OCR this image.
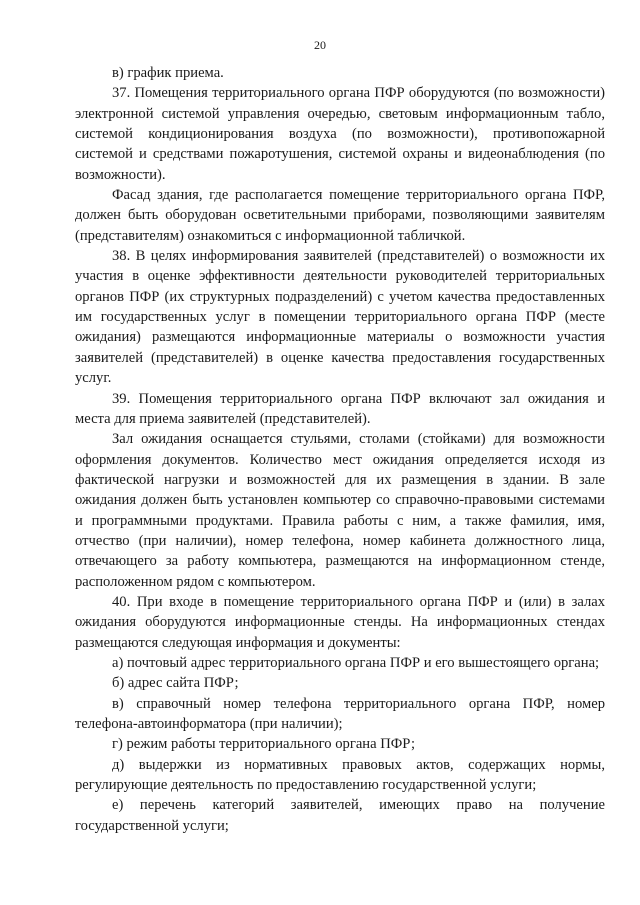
20

в) график приема.

37. Помещения территориального органа ПФР оборудуются (по возможности) электронной системой управления очередью, световым информационным табло, системой кондиционирования воздуха (по возможности), противопожарной системой и средствами пожаротушения, системой охраны и видеонаблюдения (по возможности).

Фасад здания, где располагается помещение территориального органа ПФР, должен быть оборудован осветительными приборами, позволяющими заявителям (представителям) ознакомиться с информационной табличкой.

38. В целях информирования заявителей (представителей) о возможности их участия в оценке эффективности деятельности руководителей территориальных органов ПФР (их структурных подразделений) с учетом качества предоставленных им государственных услуг в помещении территориального органа ПФР (месте ожидания) размещаются информационные материалы о возможности участия заявителей (представителей) в оценке качества предоставления государственных услуг.

39. Помещения территориального органа ПФР включают зал ожидания и места для приема заявителей (представителей).

Зал ожидания оснащается стульями, столами (стойками) для возможности оформления документов. Количество мест ожидания определяется исходя из фактической нагрузки и возможностей для их размещения в здании. В зале ожидания должен быть установлен компьютер со справочно-правовыми системами и программными продуктами. Правила работы с ним, а также фамилия, имя, отчество (при наличии), номер телефона, номер кабинета должностного лица, отвечающего за работу компьютера, размещаются на информационном стенде, расположенном рядом с компьютером.

40. При входе в помещение территориального органа ПФР и (или) в залах ожидания оборудуются информационные стенды. На информационных стендах размещаются следующая информация и документы:

а) почтовый адрес территориального органа ПФР и его вышестоящего органа;

б) адрес сайта ПФР;

в) справочный номер телефона территориального органа ПФР, номер телефона-автоинформатора (при наличии);

г) режим работы территориального органа ПФР;

д) выдержки из нормативных правовых актов, содержащих нормы, регулирующие деятельность по предоставлению государственной услуги;

е) перечень категорий заявителей, имеющих право на получение государственной услуги;
